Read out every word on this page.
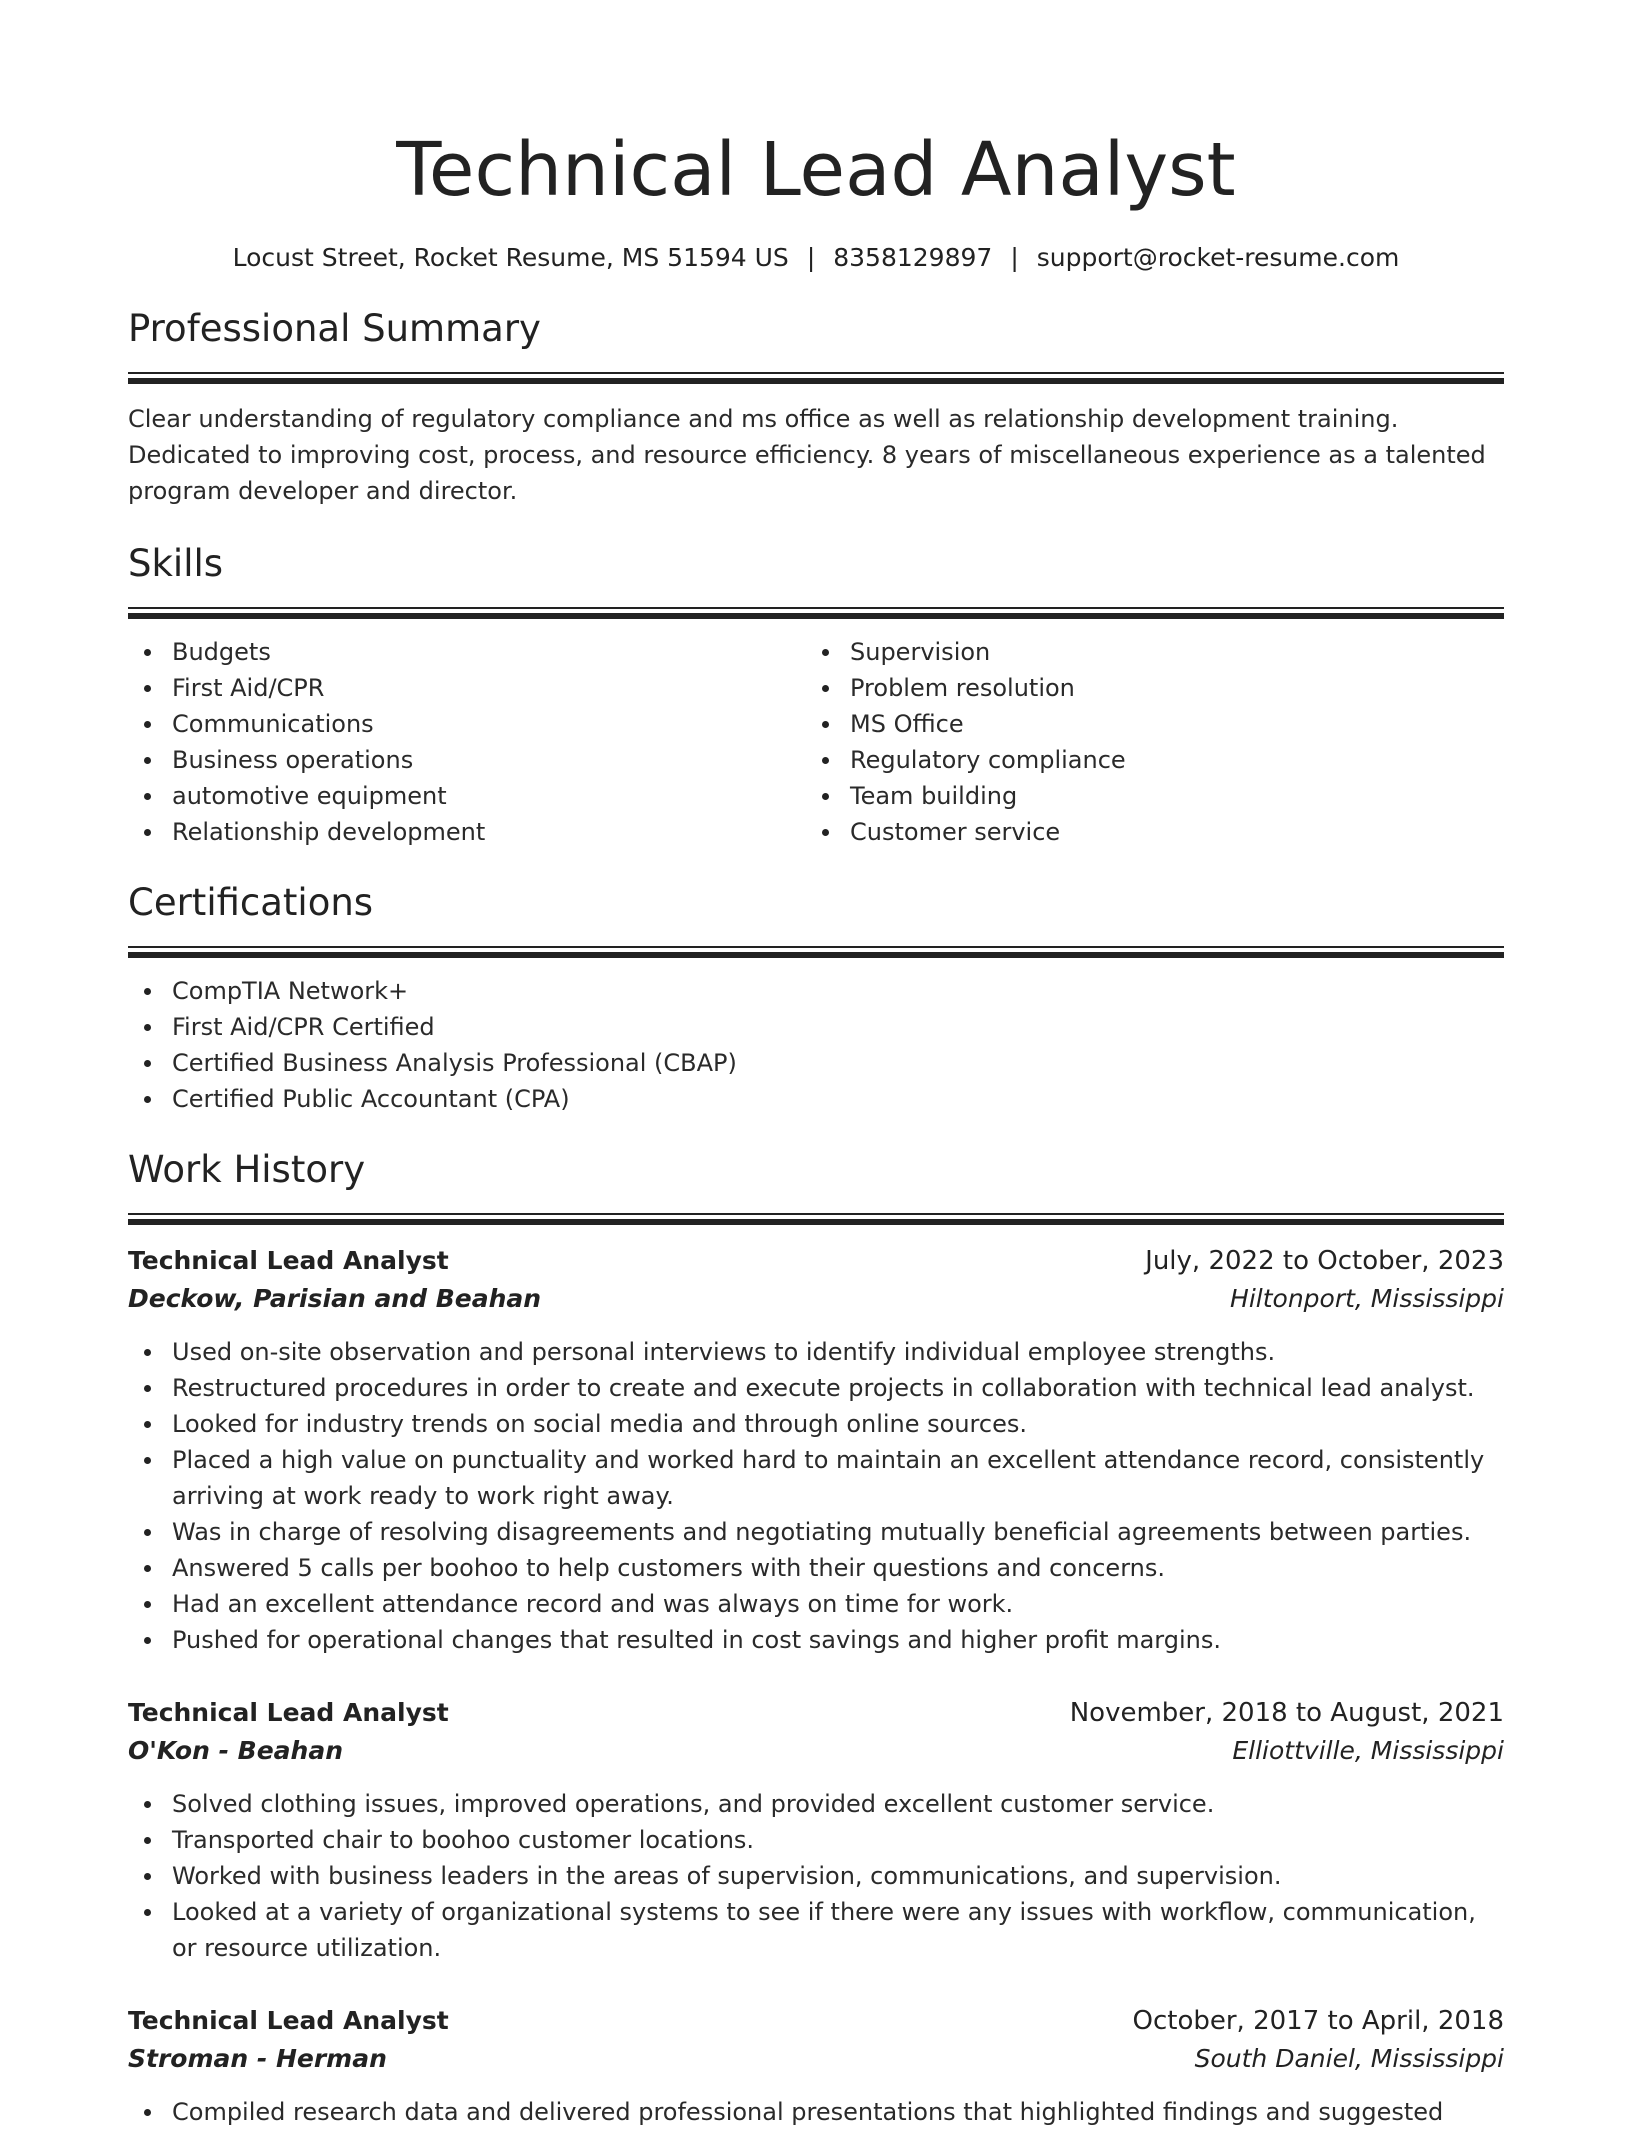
Technical Lead Analyst
Locust Street, Rocket Resume, MS 51594 US | 8358129897 | support@rocket-resume.com
Professional Summary
Clear understanding of regulatory compliance and ms office as well as relationship development training. Dedicated to improving cost, process, and resource efficiency. 8 years of miscellaneous experience as a talented program developer and director.
Skills
Budgets
First Aid/CPR
Communications
Business operations
automotive equipment
Relationship development
Supervision
Problem resolution
MS Office
Regulatory compliance
Team building
Customer service
Certifications
CompTIA Network+
First Aid/CPR Certified
Certified Business Analysis Professional (CBAP)
Certified Public Accountant (CPA)
Work History
Technical Lead Analyst	July, 2022 to October, 2023
Deckow, Parisian and Beahan	Hiltonport, Mississippi
Used on-site observation and personal interviews to identify individual employee strengths.
Restructured procedures in order to create and execute projects in collaboration with technical lead analyst.
Looked for industry trends on social media and through online sources.
Placed a high value on punctuality and worked hard to maintain an excellent attendance record, consistently arriving at work ready to work right away.
Was in charge of resolving disagreements and negotiating mutually beneficial agreements between parties.
Answered 5 calls per boohoo to help customers with their questions and concerns.
Had an excellent attendance record and was always on time for work.
Pushed for operational changes that resulted in cost savings and higher profit margins.
Technical Lead Analyst	November, 2018 to August, 2021
O'Kon - Beahan	Elliottville, Mississippi
Solved clothing issues, improved operations, and provided excellent customer service.
Transported chair to boohoo customer locations.
Worked with business leaders in the areas of supervision, communications, and supervision.
Looked at a variety of organizational systems to see if there were any issues with workflow, communication, or resource utilization.
Technical Lead Analyst	October, 2017 to April, 2018
Stroman - Herman	South Daniel, Mississippi
Compiled research data and delivered professional presentations that highlighted findings and suggested
